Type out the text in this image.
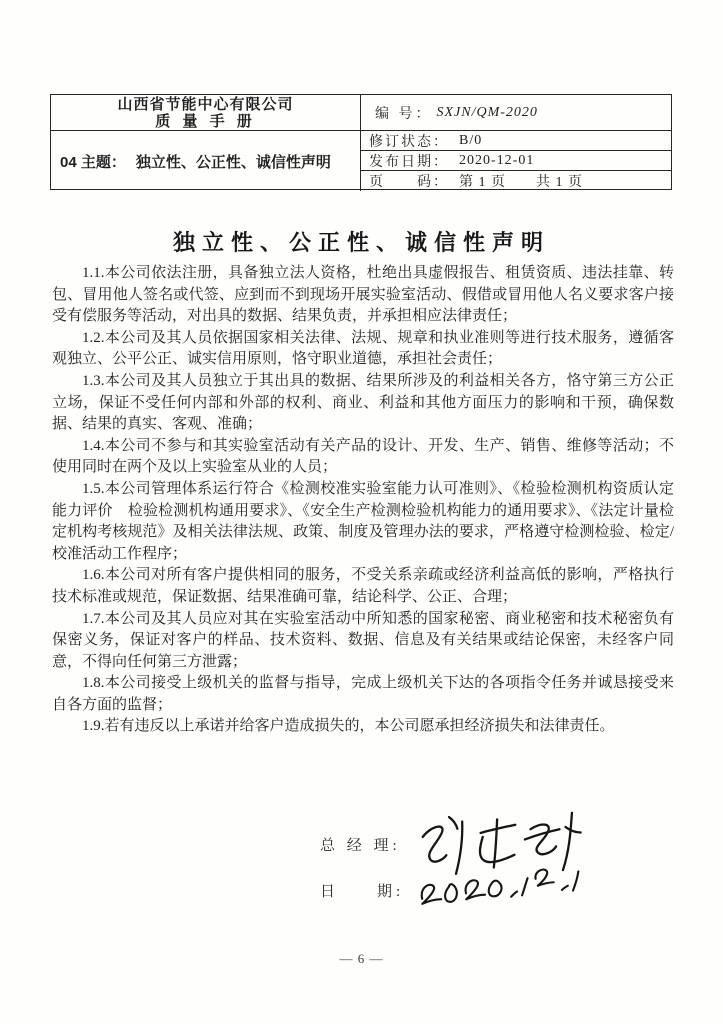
山西省节能中心有限公司
质 量 手 册	编 号： SXJN/QM-2020
04 主题： 独立性、公正性、诚信性声明
修订状态： B/0
发布日期： 2020-12-01
页　　码： 第 1 页　　共 1 页
独立性、公正性、诚信性声明

1.1.本公司依法注册，具备独立法人资格，杜绝出具虚假报告、租赁资质、违法挂靠、转包、冒用他人签名或代签、应到而不到现场开展实验室活动、假借或冒用他人名义要求客户接受有偿服务等活动，对出具的数据、结果负责，并承担相应法律责任；

1.2.本公司及其人员依据国家相关法律、法规、规章和执业准则等进行技术服务，遵循客观独立、公平公正、诚实信用原则，恪守职业道德，承担社会责任；

1.3.本公司及其人员独立于其出具的数据、结果所涉及的利益相关各方，恪守第三方公正立场，保证不受任何内部和外部的权利、商业、利益和其他方面压力的影响和干预，确保数据、结果的真实、客观、准确；

1.4.本公司不参与和其实验室活动有关产品的设计、开发、生产、销售、维修等活动；不使用同时在两个及以上实验室从业的人员；

1.5.本公司管理体系运行符合《检测校准实验室能力认可准则》、《检验检测机构资质认定能力评价　检验检测机构通用要求》、《安全生产检测检验机构能力的通用要求》、《法定计量检定机构考核规范》及相关法律法规、政策、制度及管理办法的要求，严格遵守检测检验、检定/校准活动工作程序；

1.6.本公司对所有客户提供相同的服务，不受关系亲疏或经济利益高低的影响，严格执行技术标准或规范，保证数据、结果准确可靠，结论科学、公正、合理；

1.7.本公司及其人员应对其在实验室活动中所知悉的国家秘密、商业秘密和技术秘密负有保密义务，保证对客户的样品、技术资料、数据、信息及有关结果或结论保密，未经客户同意，不得向任何第三方泄露；

1.8.本公司接受上级机关的监督与指导，完成上级机关下达的各项指令任务并诚恳接受来自各方面的监督；

1.9.若有违反以上承诺并给客户造成损失的，本公司愿承担经济损失和法律责任。

总 经 理:
日　　期:
— 6 —
